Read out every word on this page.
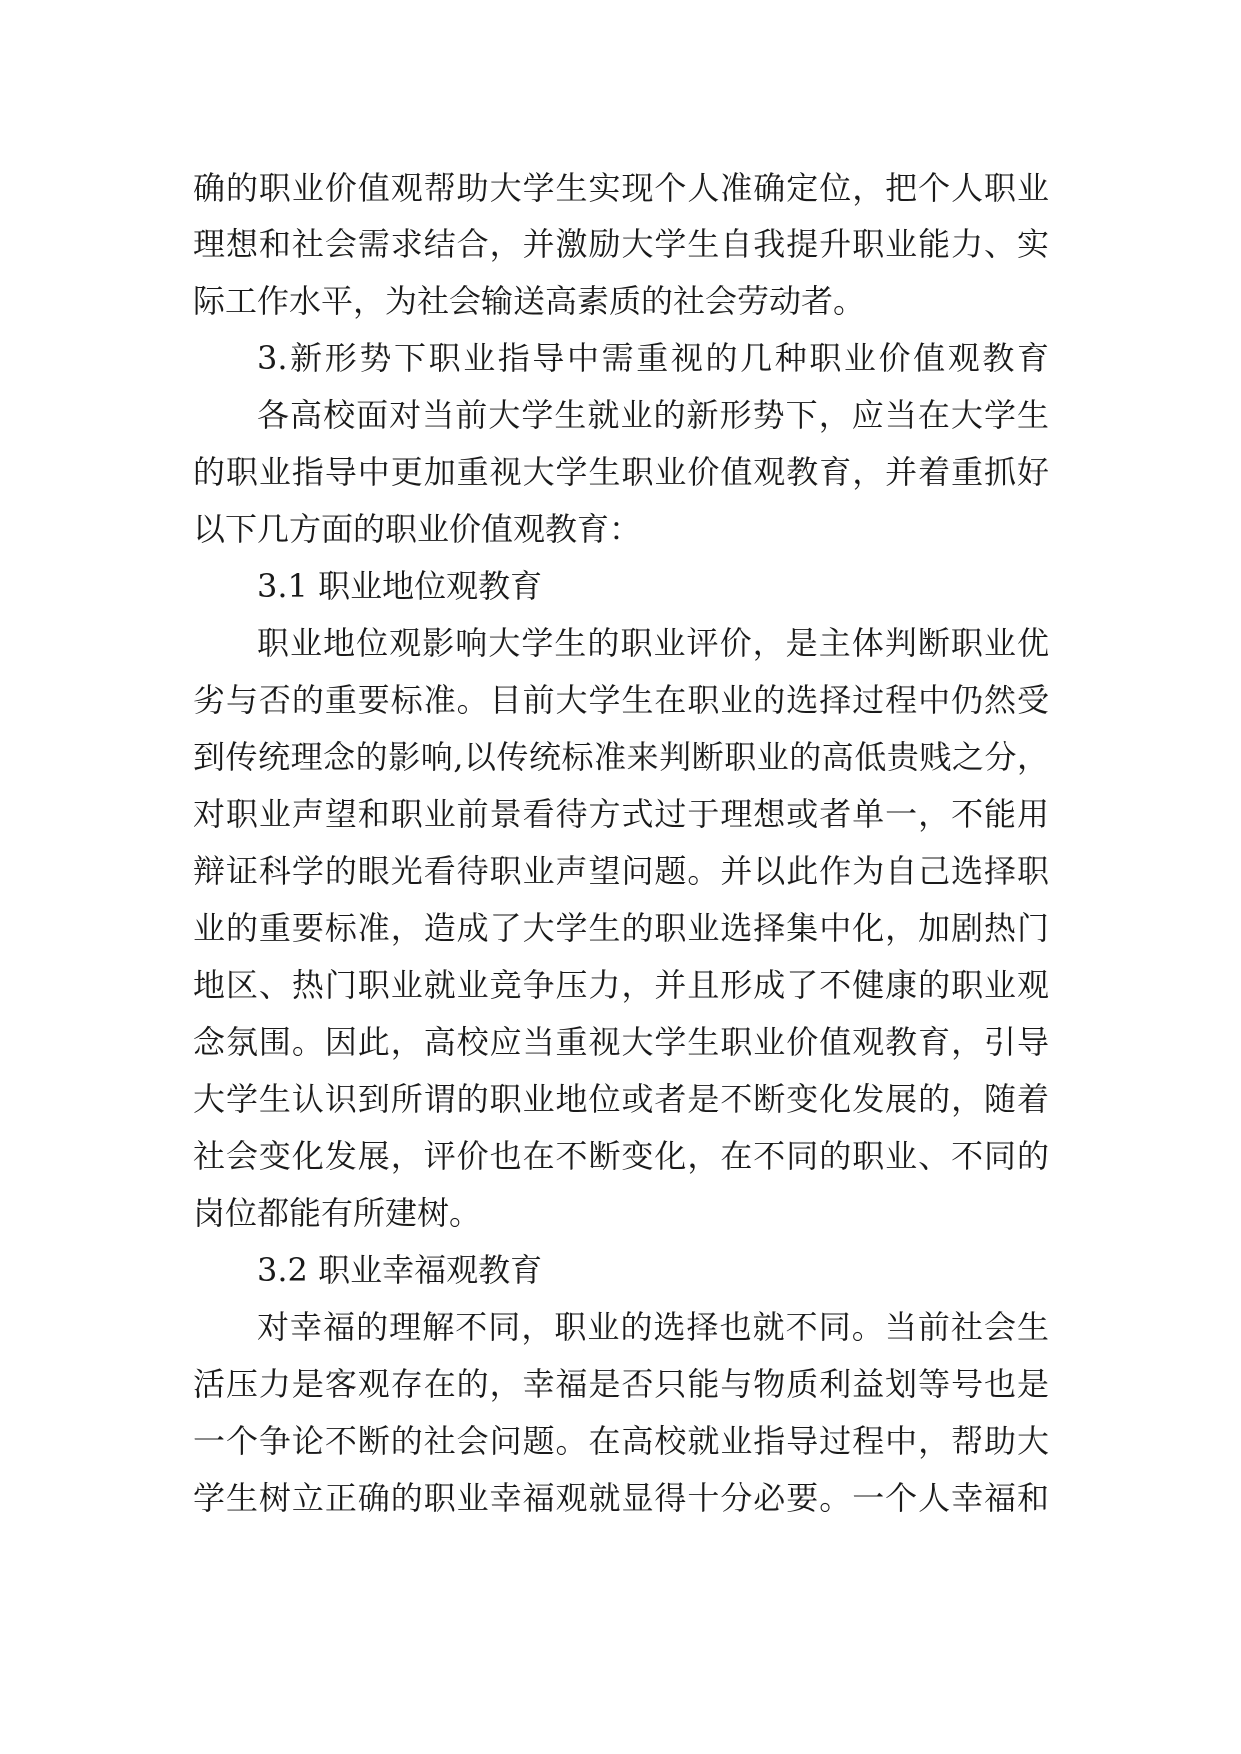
确的职业价值观帮助大学生实现个人准确定位，把个人职业
理想和社会需求结合，并激励大学生自我提升职业能力、实
际工作水平，为社会输送高素质的社会劳动者。
3.新形势下职业指导中需重视的几种职业价值观教育
各高校面对当前大学生就业的新形势下，应当在大学生
的职业指导中更加重视大学生职业价值观教育，并着重抓好
以下几方面的职业价值观教育：
3.1 职业地位观教育
职业地位观影响大学生的职业评价，是主体判断职业优
劣与否的重要标准。目前大学生在职业的选择过程中仍然受
到传统理念的影响,以传统标准来判断职业的高低贵贱之分，
对职业声望和职业前景看待方式过于理想或者单一，不能用
辩证科学的眼光看待职业声望问题。并以此作为自己选择职
业的重要标准，造成了大学生的职业选择集中化，加剧热门
地区、热门职业就业竞争压力，并且形成了不健康的职业观
念氛围。因此，高校应当重视大学生职业价值观教育，引导
大学生认识到所谓的职业地位或者是不断变化发展的，随着
社会变化发展，评价也在不断变化，在不同的职业、不同的
岗位都能有所建树。
3.2 职业幸福观教育
对幸福的理解不同，职业的选择也就不同。当前社会生
活压力是客观存在的，幸福是否只能与物质利益划等号也是
一个争论不断的社会问题。在高校就业指导过程中，帮助大
学生树立正确的职业幸福观就显得十分必要。一个人幸福和
